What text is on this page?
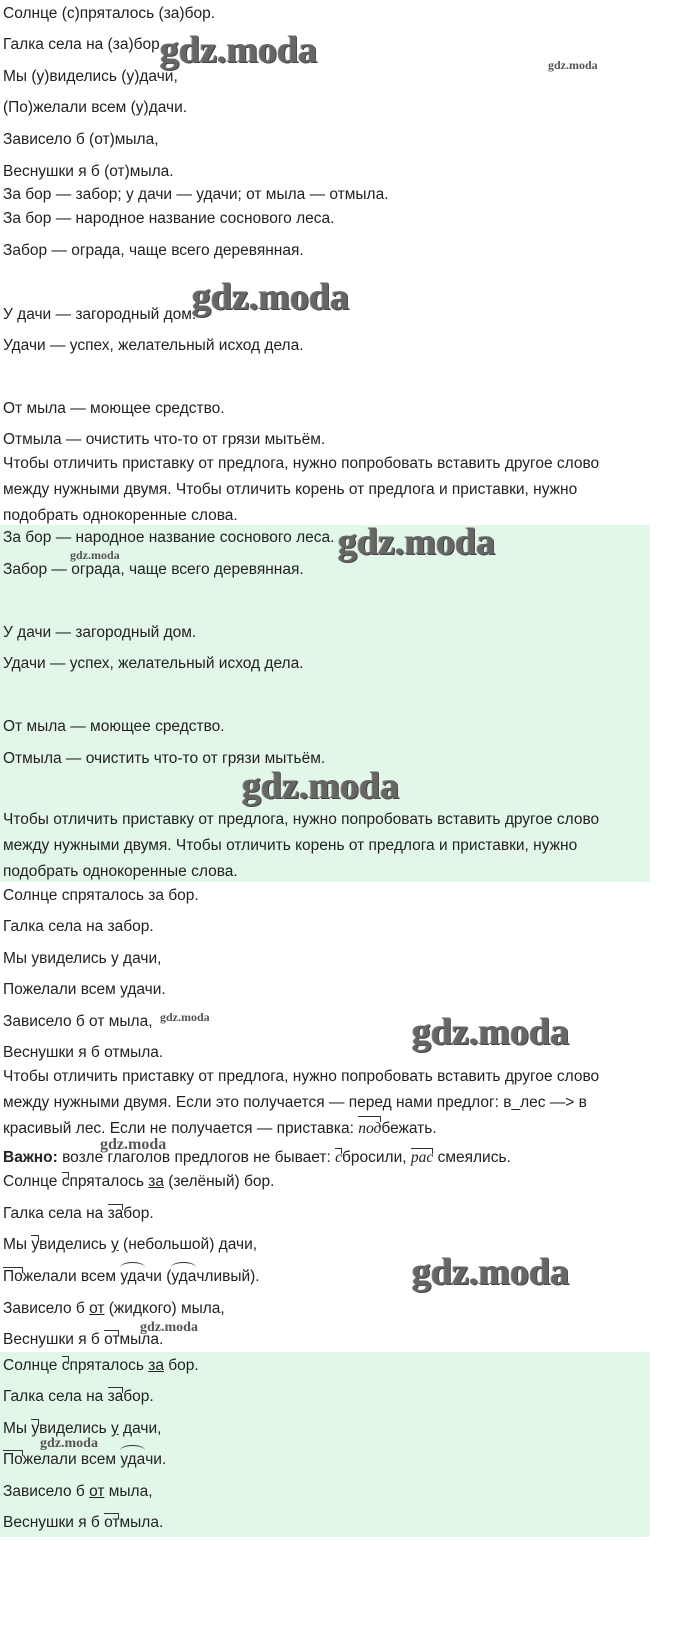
Солнце (с)пряталось (за)бор.
Галка села на (за)бор.
Мы (у)виделись (у)дачи,
(По)желали всем (у)дачи.
Зависело б (от)мыла,
Веснушки я б (от)мыла.
За бор — забор; у дачи — удачи; от мыла — отмыла.
За бор — народное название соснового леса.
Забор — ограда, чаще всего деревянная.
У дачи — загородный дом.
Удачи — успех, желательный исход дела.
От мыла — моющее средство.
Отмыла — очистить что-то от грязи мытьём.
Чтобы отличить приставку от предлога, нужно попробовать вставить другое слово между нужными двумя. Чтобы отличить корень от предлога и приставки, нужно подобрать однокоренные слова.
За бор — народное название соснового леса.
Забор — ограда, чаще всего деревянная.
У дачи — загородный дом.
Удачи — успех, желательный исход дела.
От мыла — моющее средство.
Отмыла — очистить что-то от грязи мытьём.
Чтобы отличить приставку от предлога, нужно попробовать вставить другое слово между нужными двумя. Чтобы отличить корень от предлога и приставки, нужно подобрать однокоренные слова.
Солнце спряталось за бор.
Галка села на забор.
Мы увиделись у дачи,
Пожелали всем удачи.
Зависело б от мыла,
Веснушки я б отмыла.
Чтобы отличить приставку от предлога, нужно попробовать вставить другое слово между нужными двумя. Если это получается — перед нами предлог: в_лес —> в красивый лес. Если не получается — приставка: подбежать.
Важно: возле глаголов предлогов не бывает: сбросили, рас смеялись.
Солнце спряталось за (зелёный) бор.
Галка села на забор.
Мы увиделись у (небольшой) дачи,
Пожелали всем удачи (удачливый).
Зависело б от (жидкого) мыла,
Веснушки я б отмыла.
Солнце спряталось за бор.
Галка села на забор.
Мы увиделись у дачи,
Пожелали всем удачи.
Зависело б от мыла,
Веснушки я б отмыла.
gdz.moda	gdz.moda
gdz.moda
gdz.moda
gdz.moda
gdz.moda
gdz.moda	gdz.moda
gdz.moda
gdz.moda
gdz.moda
gdz.moda
